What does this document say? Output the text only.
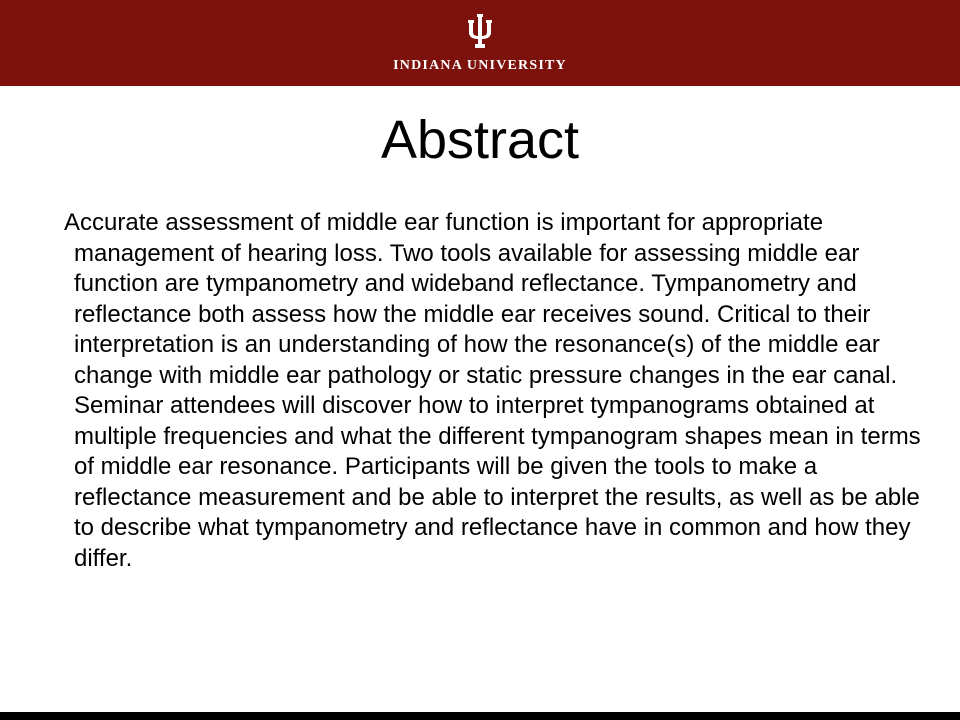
INDIANA UNIVERSITY
Abstract

Accurate assessment of middle ear function is important for appropriate management of hearing loss. Two tools available for assessing middle ear function are tympanometry and wideband reflectance. Tympanometry and reflectance both assess how the middle ear receives sound. Critical to their interpretation is an understanding of how the resonance(s) of the middle ear change with middle ear pathology or static pressure changes in the ear canal. Seminar attendees will discover how to interpret tympanograms obtained at multiple frequencies and what the different tympanogram shapes mean in terms of middle ear resonance. Participants will be given the tools to make a reflectance measurement and be able to interpret the results, as well as be able to describe what tympanometry and reflectance have in common and how they differ.
